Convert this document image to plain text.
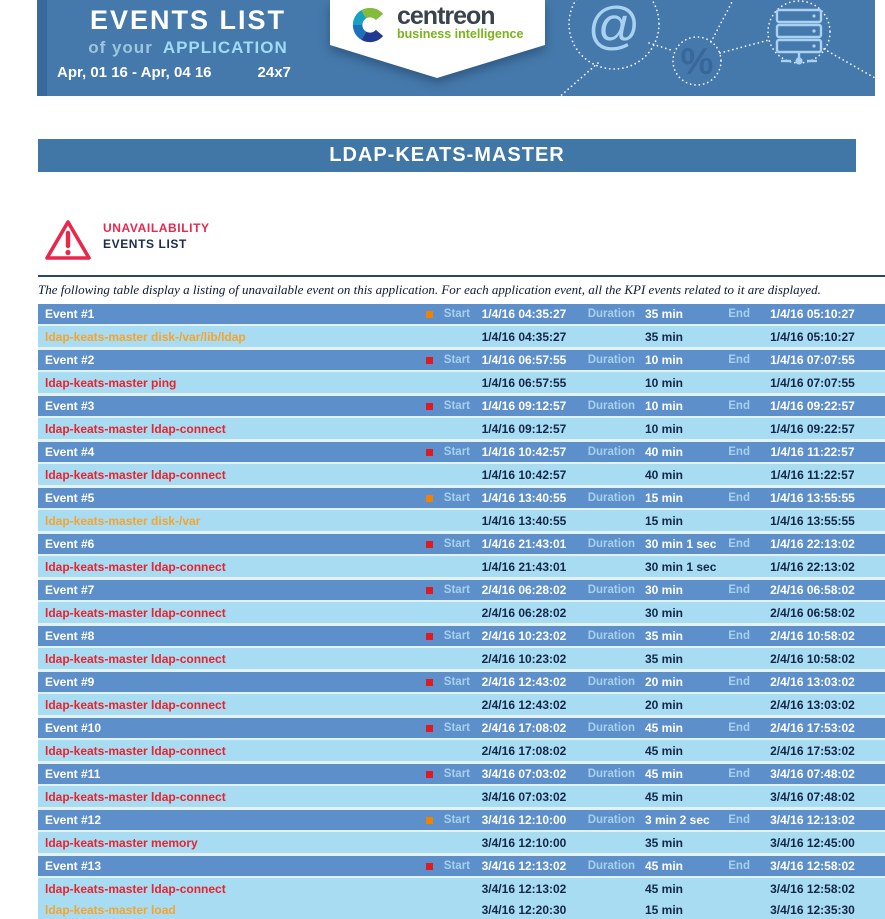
@
%
EVENTS LIST
of your APPLICATION
Apr, 01 16 - Apr, 04 16	24x7
centreon
business intelligence
LDAP-KEATS-MASTER
UNAVAILABILITY
EVENTS LIST

The following table display a listing of unavailable event on this application. For each application event, all the KPI events related to it are displayed.

Event #1	Start 1/4/16 04:35:27	Duration 35 min	End	1/4/16 05:10:27
ldap-keats-master disk-/var/lib/ldap	1/4/16 04:35:27	35 min	1/4/16 05:10:27
Event #2	Start 1/4/16 06:57:55	Duration 10 min	End	1/4/16 07:07:55
ldap-keats-master ping	1/4/16 06:57:55	10 min	1/4/16 07:07:55
Event #3	Start 1/4/16 09:12:57	Duration 10 min	End	1/4/16 09:22:57
ldap-keats-master ldap-connect	1/4/16 09:12:57	10 min	1/4/16 09:22:57
Event #4	Start 1/4/16 10:42:57	Duration 40 min	End	1/4/16 11:22:57
ldap-keats-master ldap-connect	1/4/16 10:42:57	40 min	1/4/16 11:22:57
Event #5	Start 1/4/16 13:40:55	Duration 15 min	End	1/4/16 13:55:55
ldap-keats-master disk-/var	1/4/16 13:40:55	15 min	1/4/16 13:55:55
Event #6	Start 1/4/16 21:43:01	Duration 30 min 1 sec	End	1/4/16 22:13:02
ldap-keats-master ldap-connect	1/4/16 21:43:01	30 min 1 sec	1/4/16 22:13:02
Event #7	Start 2/4/16 06:28:02	Duration 30 min	End	2/4/16 06:58:02
ldap-keats-master ldap-connect	2/4/16 06:28:02	30 min	2/4/16 06:58:02
Event #8	Start 2/4/16 10:23:02	Duration 35 min	End	2/4/16 10:58:02
ldap-keats-master ldap-connect	2/4/16 10:23:02	35 min	2/4/16 10:58:02
Event #9	Start 2/4/16 12:43:02	Duration 20 min	End	2/4/16 13:03:02
ldap-keats-master ldap-connect	2/4/16 12:43:02	20 min	2/4/16 13:03:02
Event #10	Start 2/4/16 17:08:02	Duration 45 min	End	2/4/16 17:53:02
ldap-keats-master ldap-connect	2/4/16 17:08:02	45 min	2/4/16 17:53:02
Event #11	Start 3/4/16 07:03:02	Duration 45 min	End	3/4/16 07:48:02
ldap-keats-master ldap-connect	3/4/16 07:03:02	45 min	3/4/16 07:48:02
Event #12	Start 3/4/16 12:10:00	Duration 3 min 2 sec	End	3/4/16 12:13:02
ldap-keats-master memory	3/4/16 12:10:00	35 min	3/4/16 12:45:00
Event #13	Start 3/4/16 12:13:02	Duration 45 min	End	3/4/16 12:58:02
ldap-keats-master ldap-connect	3/4/16 12:13:02	45 min	3/4/16 12:58:02
ldap-keats-master load	3/4/16 12:20:30	15 min	3/4/16 12:35:30
